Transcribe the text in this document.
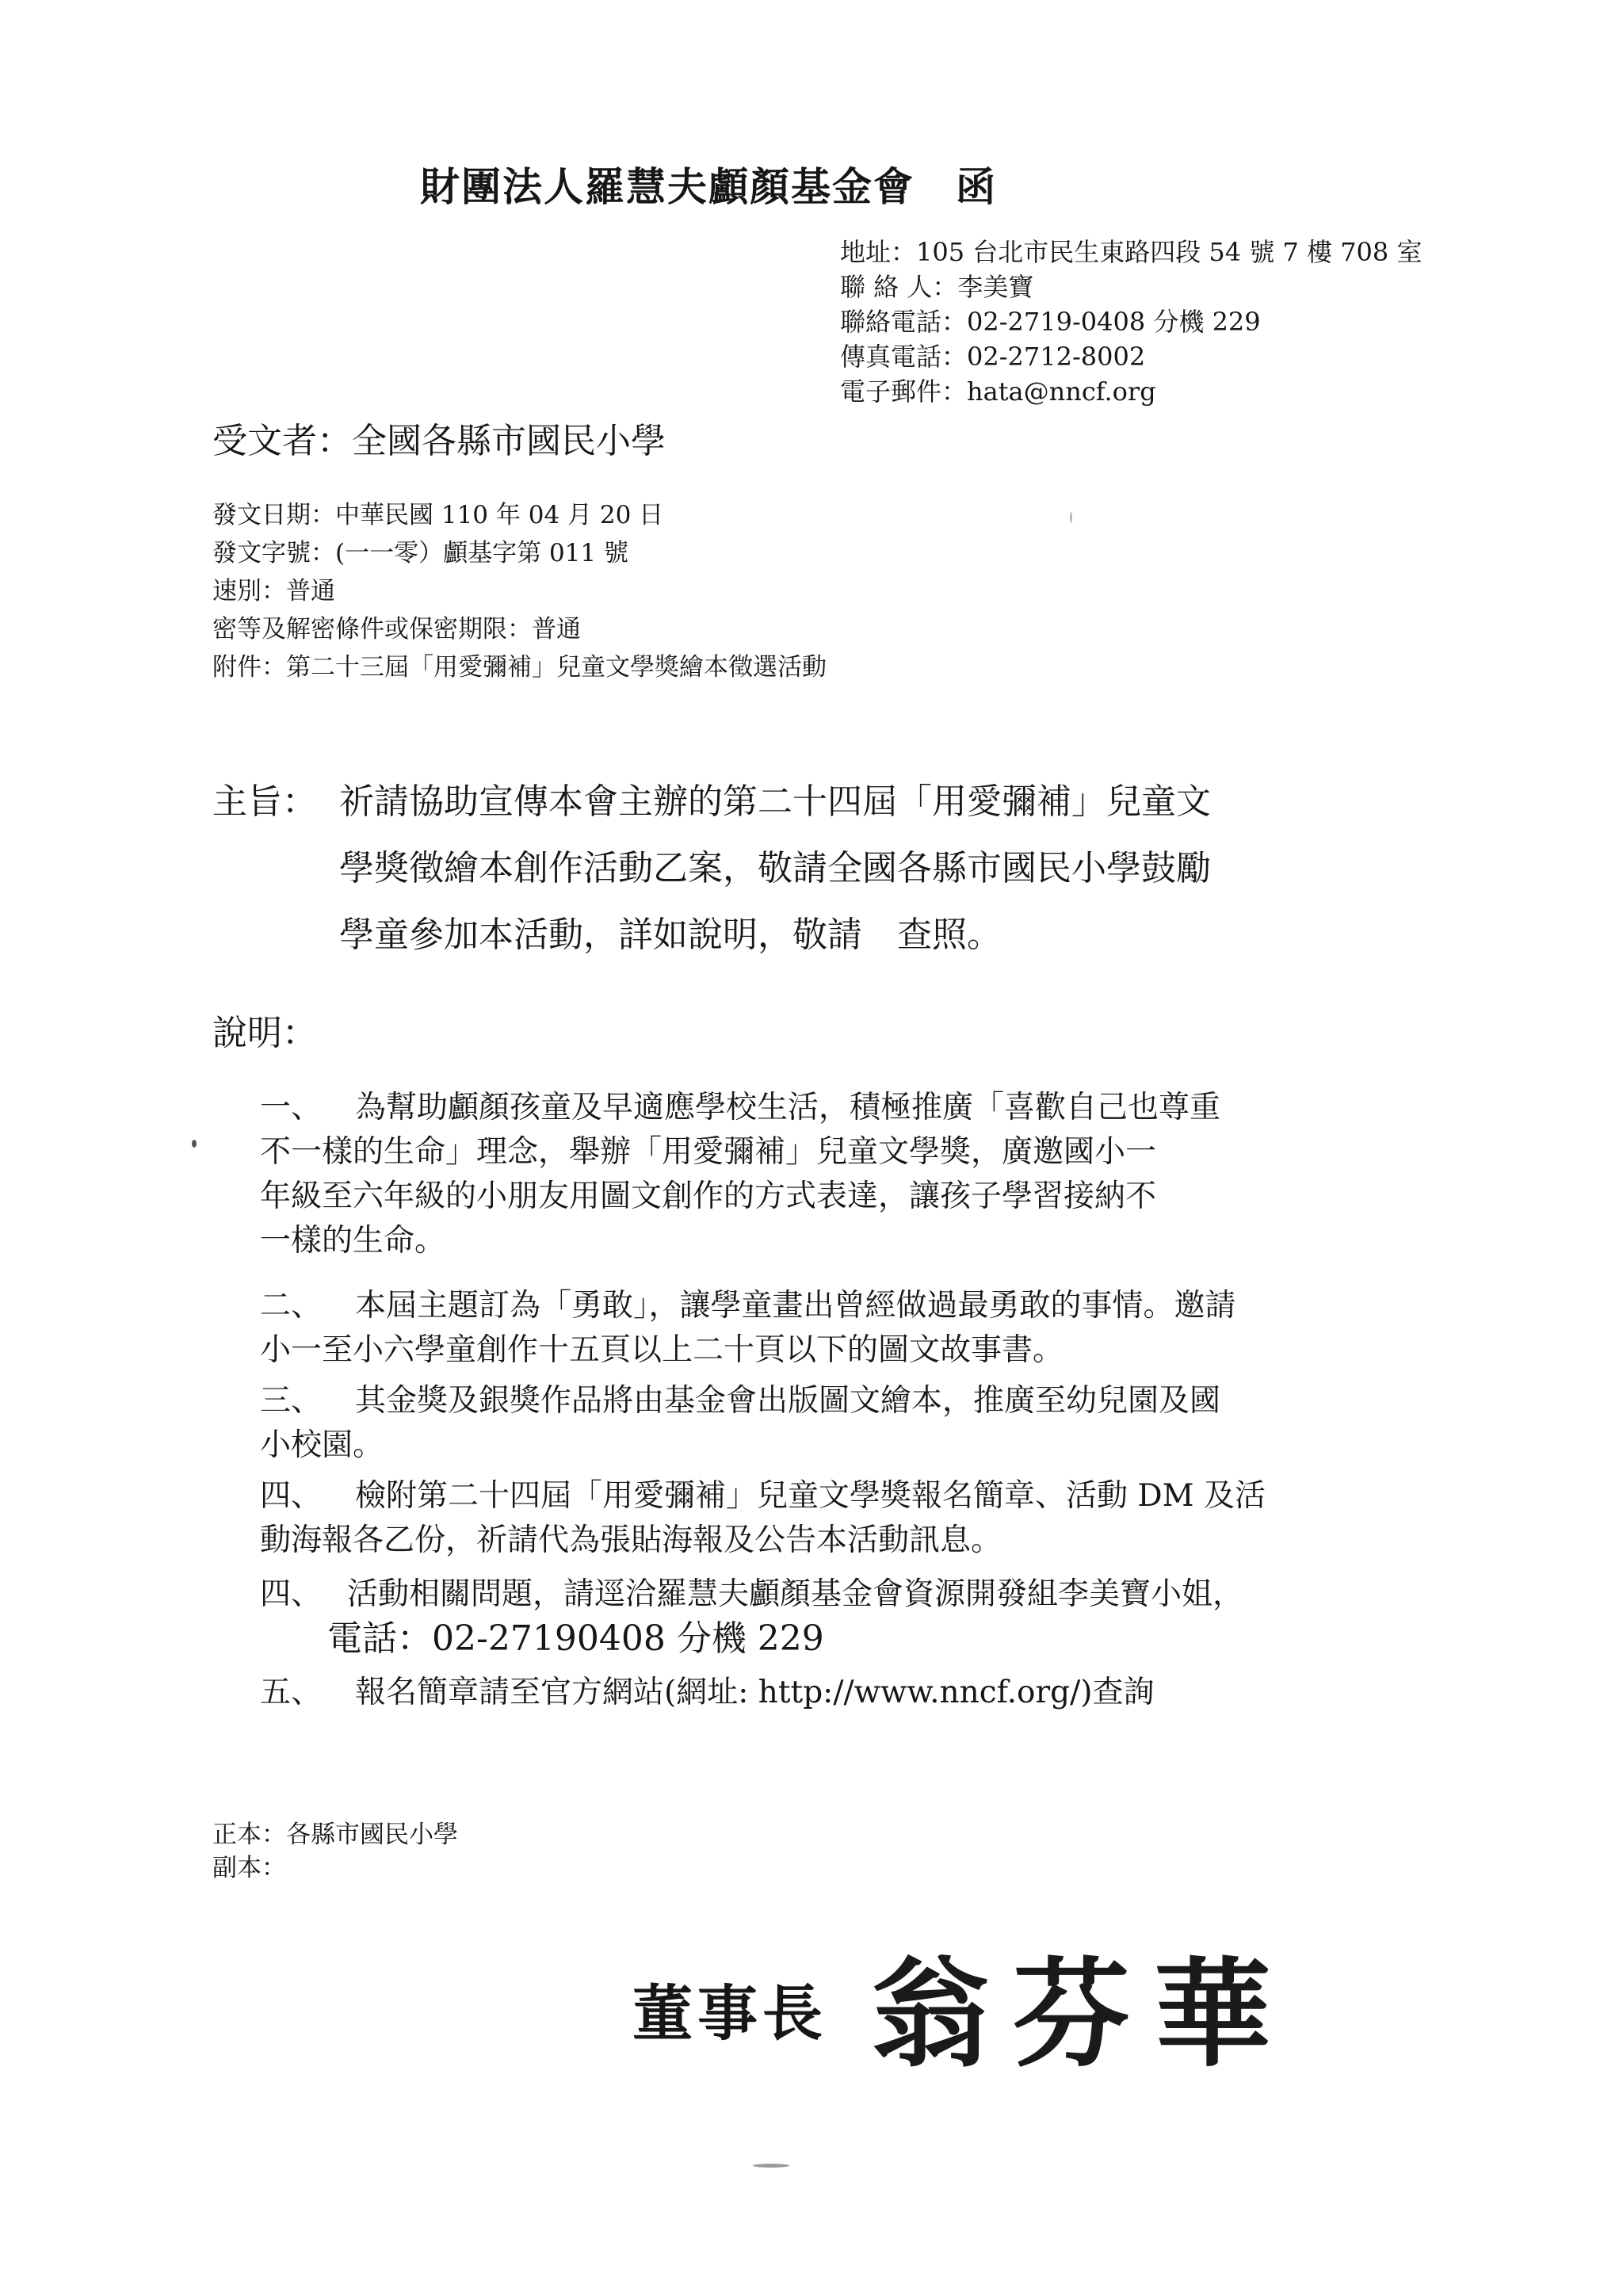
財團法人羅慧夫顱顏基金會　函
地址：105 台北市民生東路四段 54 號 7 樓 708 室
聯 絡 人：李美寶
聯絡電話：02-2719-0408 分機 229
傳真電話：02-2712-8002
電子郵件：hata@nncf.org
受文者：全國各縣市國民小學
發文日期：中華民國 110 年 04 月 20 日
發文字號：(一一零）顱基字第 011 號
速別：普通
密等及解密條件或保密期限：普通
附件：第二十三屆「用愛彌補」兒童文學獎繪本徵選活動
主旨： 祈請協助宣傳本會主辦的第二十四屆「用愛彌補」兒童文
學獎徵繪本創作活動乙案，敬請全國各縣市國民小學鼓勵
學童參加本活動，詳如說明，敬請　查照。
說明：
一、 為幫助顱顏孩童及早適應學校生活，積極推廣「喜歡自己也尊重
不一樣的生命」理念，舉辦「用愛彌補」兒童文學獎，廣邀國小一
年級至六年級的小朋友用圖文創作的方式表達，讓孩子學習接納不
一樣的生命。
二、 本屆主題訂為「勇敢」，讓學童畫出曾經做過最勇敢的事情。邀請
小一至小六學童創作十五頁以上二十頁以下的圖文故事書。
三、 其金獎及銀獎作品將由基金會出版圖文繪本，推廣至幼兒園及國
小校園。
四、 檢附第二十四屆「用愛彌補」兒童文學獎報名簡章、活動 DM 及活
動海報各乙份，祈請代為張貼海報及公告本活動訊息。
四、 活動相關問題，請逕洽羅慧夫顱顏基金會資源開發組李美寶小姐，
電話：02-27190408 分機 229
五、 報名簡章請至官方網站(網址: http://www.nncf.org/)查詢
正本：各縣市國民小學
副本：
董事長 翁芬華
